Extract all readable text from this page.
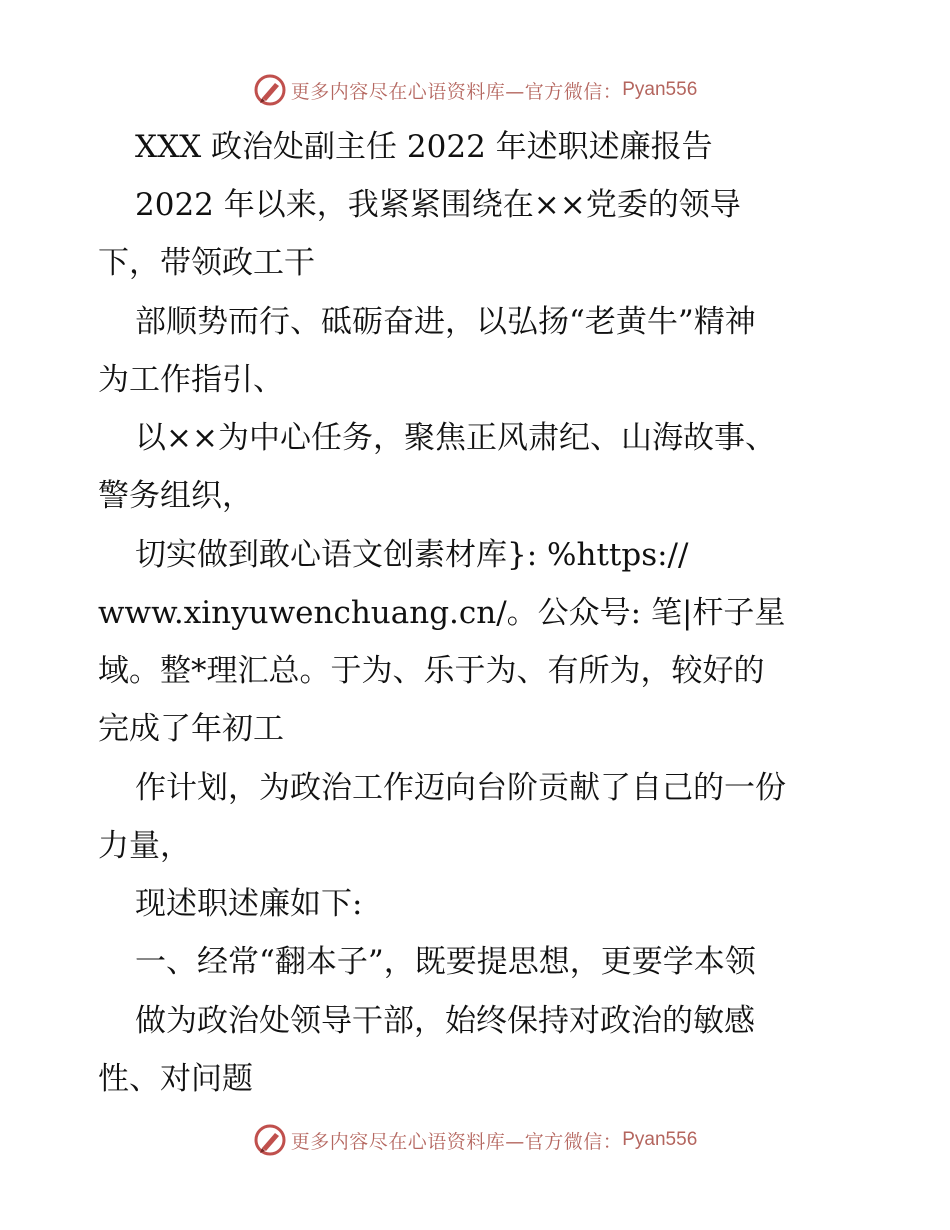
更多内容尽在心语资料库—官方微信： Pyan556
XXX 政治处副主任 2022 年述职述廉报告
2022 年以来，我紧紧围绕在××党委的领导
下，带领政工干
部顺势而行、砥砺奋进，以弘扬“老黄牛”精神
为工作指引、
以××为中心任务，聚焦正风肃纪、山海故事、
警务组织，
切实做到敢心语文创素材库}: %https://
www.xinyuwenchuang.cn/。公众号: 笔|杆子星
域。整*理汇总。于为、乐于为、有所为，较好的
完成了年初工
作计划，为政治工作迈向台阶贡献了自己的一份
力量，
现述职述廉如下:
一、经常“翻本子”，既要提思想，更要学本领
做为政治处领导干部，始终保持对政治的敏感
性、对问题
更多内容尽在心语资料库—官方微信： Pyan556
